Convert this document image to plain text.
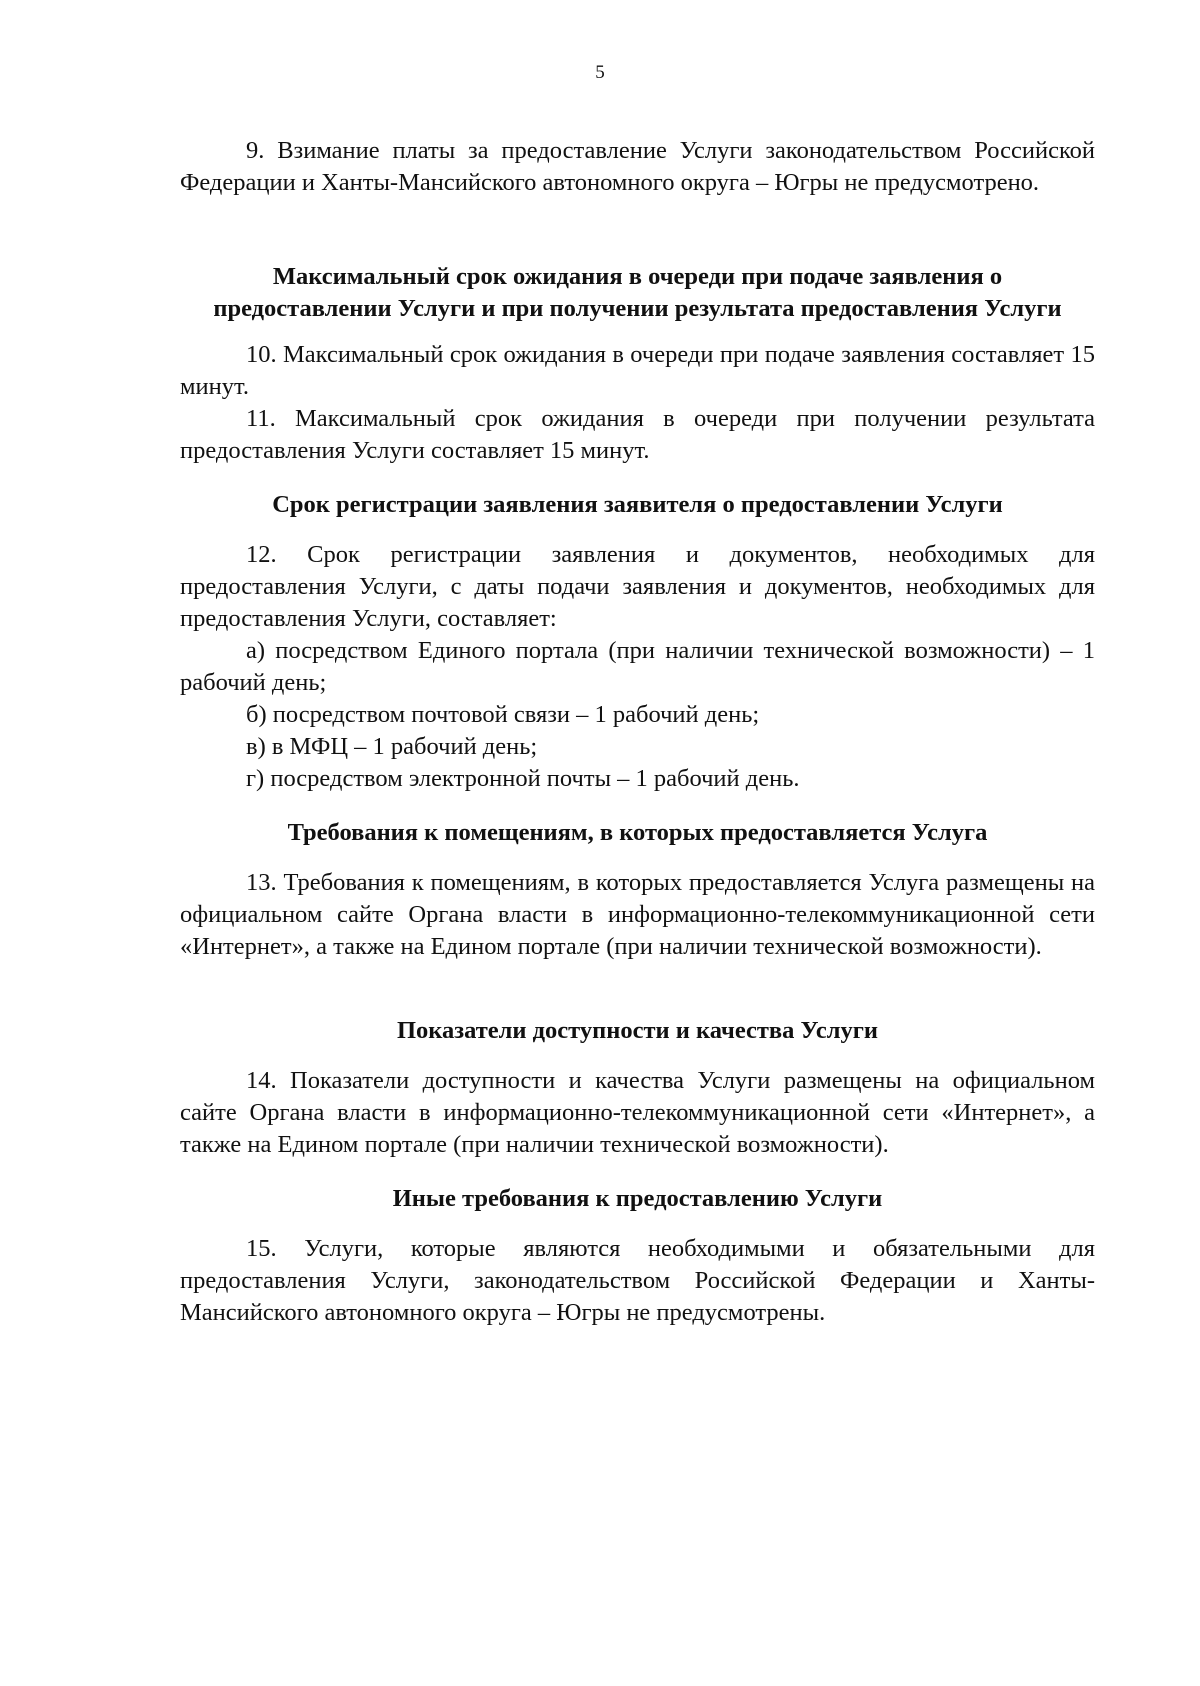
5

9. Взимание платы за предоставление Услуги законодательством Российской Федерации и Ханты-Мансийского автономного округа – Югры не предусмотрено.

Максимальный срок ожидания в очереди при подаче заявления о предоставлении Услуги и при получении результата предоставления Услуги

10. Максимальный срок ожидания в очереди при подаче заявления составляет 15 минут.

11. Максимальный срок ожидания в очереди при получении результата предоставления Услуги составляет 15 минут.

Срок регистрации заявления заявителя о предоставлении Услуги

12. Срок регистрации заявления и документов, необходимых для предоставления Услуги, с даты подачи заявления и документов, необходимых для предоставления Услуги, составляет:

а) посредством Единого портала (при наличии технической возможности) – 1 рабочий день;

б) посредством почтовой связи – 1 рабочий день;

в) в МФЦ – 1 рабочий день;

г) посредством электронной почты – 1 рабочий день.

Требования к помещениям, в которых предоставляется Услуга

13. Требования к помещениям, в которых предоставляется Услуга размещены на официальном сайте Органа власти в информационно-телекоммуникационной сети «Интернет», а также на Едином портале (при наличии технической возможности).

Показатели доступности и качества Услуги

14. Показатели доступности и качества Услуги размещены на официальном сайте Органа власти в информационно-телекоммуникационной сети «Интернет», а также на Едином портале (при наличии технической возможности).

Иные требования к предоставлению Услуги

15. Услуги, которые являются необходимыми и обязательными для предоставления Услуги, законодательством Российской Федерации и Ханты-Мансийского автономного округа – Югры не предусмотрены.
